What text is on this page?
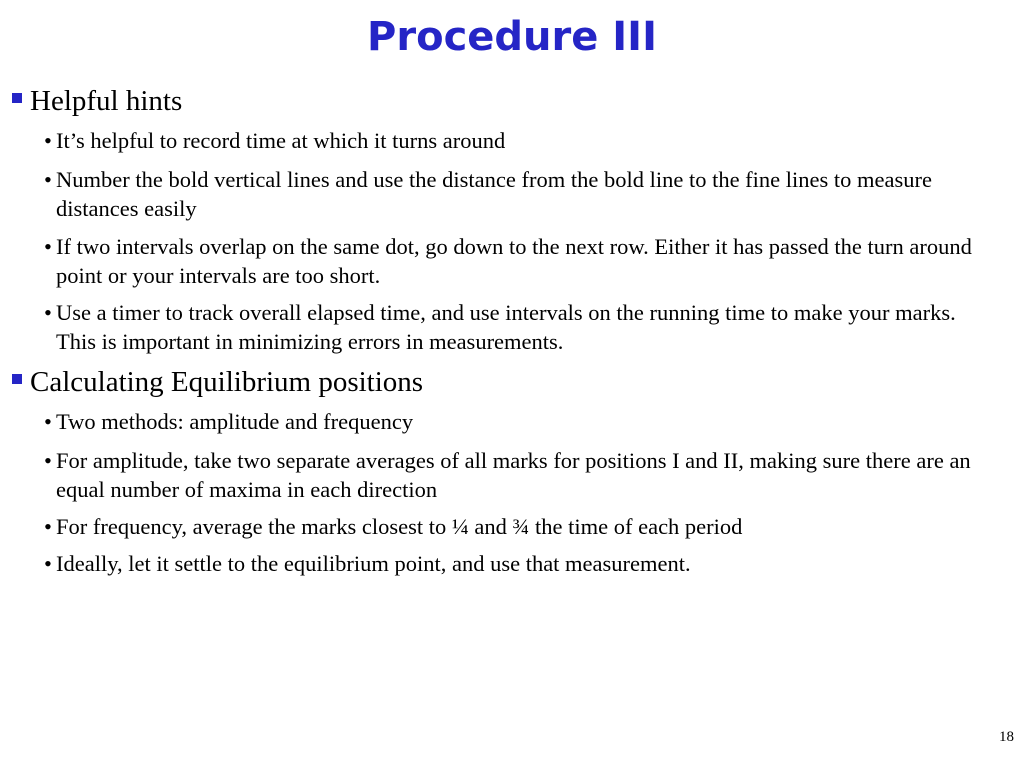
Procedure III
Helpful hints
• It’s helpful to record time at which it turns around
• Number the bold vertical lines and use the distance from the bold line to the fine lines to measure distances easily
• If two intervals overlap on the same dot, go down to the next row. Either it has passed the turn around point or your intervals are too short.
• Use a timer to track overall elapsed time, and use intervals on the running time to make your marks. This is important in minimizing errors in measurements.
Calculating Equilibrium positions
• Two methods: amplitude and frequency
• For amplitude, take two separate averages of all marks for positions I and II, making sure there are an equal number of maxima in each direction
• For frequency, average the marks closest to ¼ and ¾ the time of each period
• Ideally, let it settle to the equilibrium point, and use that measurement.
18
